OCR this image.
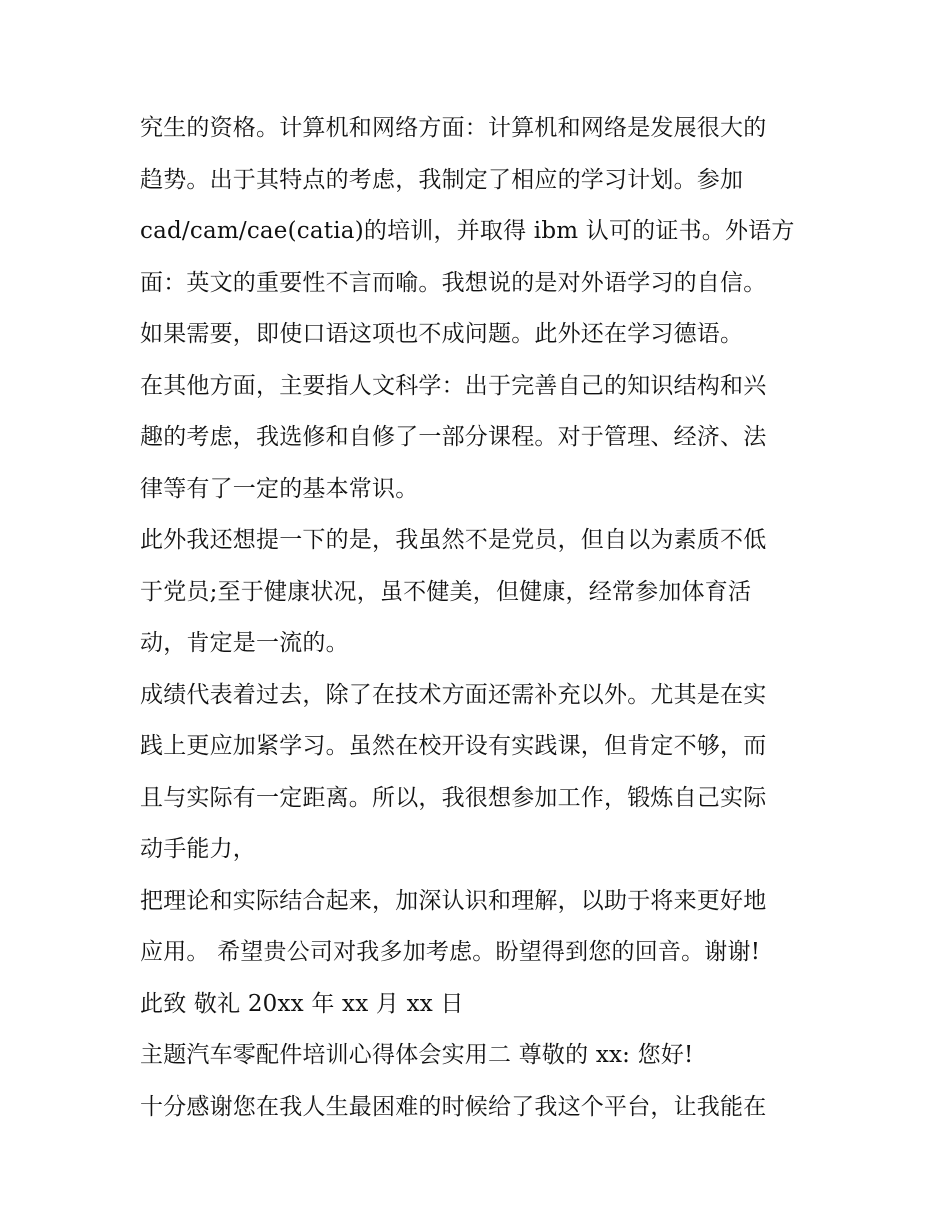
究生的资格。计算机和网络方面：计算机和网络是发展很大的
趋势。出于其特点的考虑，我制定了相应的学习计划。参加
cad/cam/cae(catia)的培训，并取得 ibm 认可的证书。外语方
面：英文的重要性不言而喻。我想说的是对外语学习的自信。
如果需要，即使口语这项也不成问题。此外还在学习德语。
在其他方面，主要指人文科学：出于完善自己的知识结构和兴
趣的考虑，我选修和自修了一部分课程。对于管理、经济、法
律等有了一定的基本常识。
此外我还想提一下的是，我虽然不是党员，但自以为素质不低
于党员;至于健康状况，虽不健美，但健康，经常参加体育活
动，肯定是一流的。
成绩代表着过去，除了在技术方面还需补充以外。尤其是在实
践上更应加紧学习。虽然在校开设有实践课，但肯定不够，而
且与实际有一定距离。所以，我很想参加工作，锻炼自己实际
动手能力，
把理论和实际结合起来，加深认识和理解，以助于将来更好地
应用。 希望贵公司对我多加考虑。盼望得到您的回音。谢谢!
此致 敬礼 20xx 年 xx 月 xx 日
主题汽车零配件培训心得体会实用二 尊敬的 xx: 您好!
十分感谢您在我人生最困难的时候给了我这个平台，让我能在
